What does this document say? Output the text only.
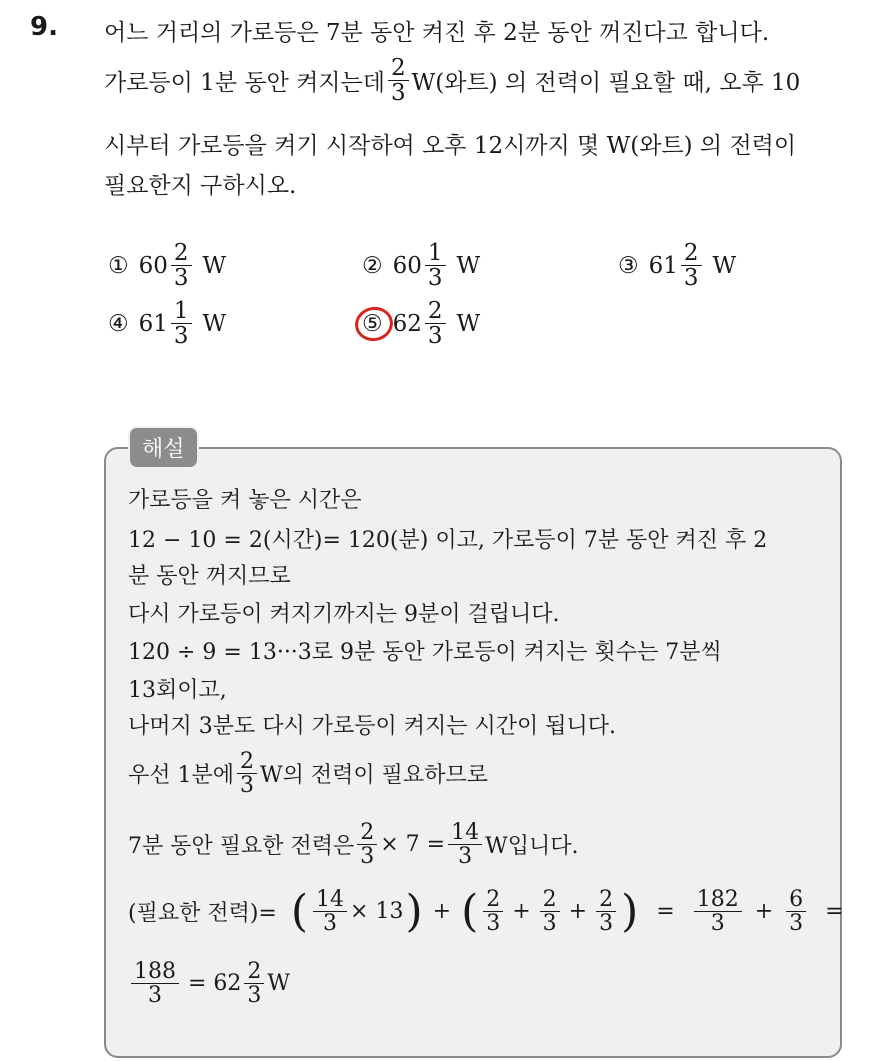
9. 어느 거리의 가로등은 7분 동안 켜진 후 2분 동안 꺼진다고 합니다.
가로등이 1분 동안 켜지는데 $\frac{2}{3} W$(와트) 의 전력이 필요할 때, 오후 10
시부터 가로등을 켜기 시작하여 오후 12시까지 몇 W(와트) 의 전력이
필요한지 구하시오.
① $60 \frac{2}{3}$ W	② $60 \frac{1}{3}$ W	③ $61 \frac{2}{3}$ W
④ $61 \frac{1}{3}$ W	⑤ $62 \frac{2}{3}$ W
해설
가로등을 켜 놓은 시간은
12 − 10 = 2(시간)= 120(분) 이고, 가로등이 7분 동안 켜진 후 2
분 동안 꺼지므로
다시 가로등이 켜지기까지는 9분이 걸립니다.
120 ÷ 9 = 13···3로 9분 동안 가로등이 켜지는 횟수는 7분씩
13회이고,
나머지 3분도 다시 가로등이 켜지는 시간이 됩니다.
우선 1분에 $\frac{2}{3}$ W의 전력이 필요하므로
7분 동안 필요한 전력은 $\frac{2}{3} \times 7 = \frac{14}{3}$ W입니다.
(필요한 전력)= ( $\frac{14}{3} \times 13$ ) + ( $\frac{2}{3} + \frac{2}{3} + \frac{2}{3}$ ) = $\frac{182}{3} + \frac{6}{3}$ =
$\frac{188}{3} = 62 \frac{2}{3}$ W
